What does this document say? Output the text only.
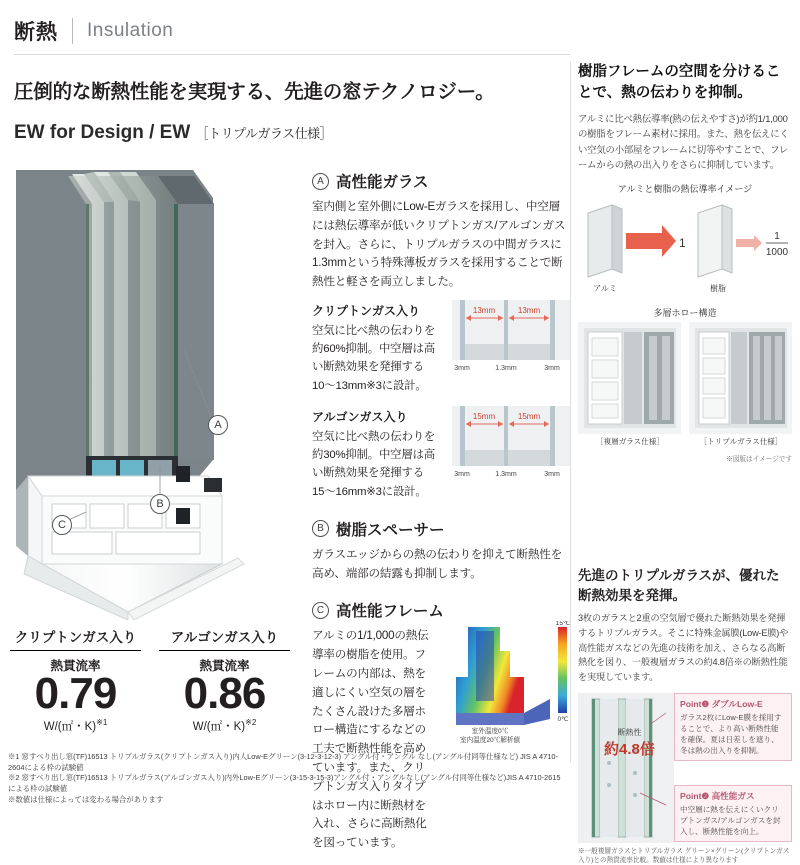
断熱 Insulation
圧倒的な断熱性能を実現する、先進の窓テクノロジー。
EW for Design / EW ［トリプルガラス仕様］
A
B
C
クリプトンガス入り
熱貫流率
0.79
W/(㎡・K)$^{※1}$
アルゴンガス入り
熱貫流率
0.86
W/(㎡・K)$^{※2}$
※1 窓すべり出し窓(TF)16513 トリプルガラス(クリプトンガス入り)内人Low-Eグリーン(3-12-3-12-3) アングル付・アングル なし(アングル付同等仕様など) JIS A 4710-2604による枠の試験値
※2 窓すべり出し窓(TF)16513 トリプルガラス(アルゴンガス入り)内外Low-Eグリーン(3-15-3-15-3)アングル付・アングルなし(アングル付同等仕様など)JIS A 4710-2615による枠の試験値
※数値は仕様によっては変わる場合があります
A 高性能ガラス
室内側と室外側にLow-Eガラスを採用し、中空層には熱伝導率が低いクリプトンガス/アルゴンガスを封入。さらに、トリプルガラスの中間ガラスに1.3mmという特殊薄板ガラスを採用することで断熱性と軽さを両立しました。
クリプトンガス入り
空気に比べ熱の伝わりを約60%抑制。中空層は高い断熱効果を発揮する10〜13mm※3に設計。
13mm	13mm
3mm	1.3mm	3mm
アルゴンガス入り
空気に比べ熱の伝わりを約30%抑制。中空層は高い断熱効果を発揮する15〜16mm※3に設計。
15mm	15mm
3mm	1.3mm	3mm
B 樹脂スペーサー
ガラスエッジからの熱の伝わりを抑えて断熱性を高め、端部の結露も抑制します。
C 高性能フレーム
アルミの1/1,000の熱伝導率の樹脂を使用。フレームの内部は、熱を適しにくい空気の層をたくさん設けた多層ホロー構造にするなどの工夫で断熱性能を高めています。また、クリプトンガス入りタイプはホロー内に断熱材を入れ、さらに高断熱化を図っています。
15℃
0℃
室外温度0℃
室内温度20℃解析値
樹脂フレームの空間を分けることで、熱の伝わりを抑制。
アルミに比べ熱伝導率(熱の伝えやすさ)が約1/1,000の樹脂をフレーム素材に採用。また、熱を伝えにくい空気の小部屋をフレームに切等やすことで、フレームからの熱の出入りをさらに抑制しています。
アルミと樹脂の熱伝導率イメージ
1
アルミ
1
1000
樹脂
多層ホロー構造
［複層ガラス仕様］	［トリプルガラス仕様］
※図版はイメージです
先進のトリプルガラスが、優れた断熱効果を発揮。
3枚のガラスと2重の空気層で優れた断熱効果を発揮するトリプルガラス。そこに特殊金属膜(Low-E膜)や高性能ガスなどの先進の技術を加え、さらなる高断熱化を図り、一般複層ガラスの約4.8倍※の断熱性能を実現しています。
断熱性
約4.8倍
Point❶ ダブルLow-E
ガラス2枚にLow-E膜を採用することで、より高い断熱性能を確保。夏は日差しを遮り、冬は熱の出入りを抑制。
Point❷ 高性能ガス
中空層に熱を伝えにくいクリプトンガス/アルゴンガスを封入し、断熱性能を向上。
※一般複層ガラスとトリプルガラス グリーン×グリーン(クリプトンガス入り)との熱貫流率比較。数値は仕様により異なります
